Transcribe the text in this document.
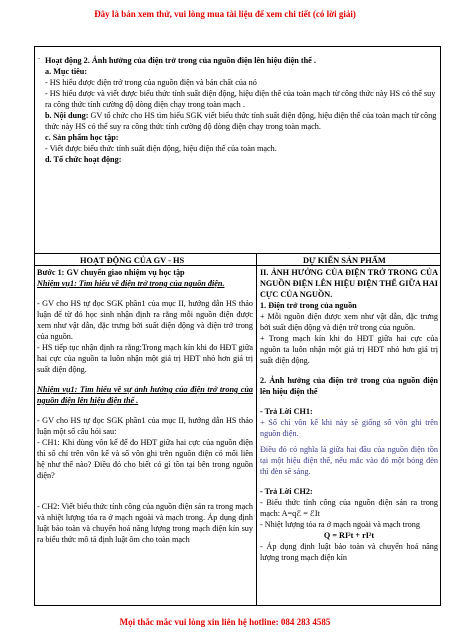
Đây là bản xem thử, vui lòng mua tài liệu để xem chi tiết (có lời giải)
. Hoạt động 2. Ảnh hưởng của điện trở trong của nguồn điện lên hiệu điện thế .

a. Mục tiêu:

- HS hiểu được điện trở trong của nguồn điện và bản chất của nó

- HS hiểu được và viết được biểu thức tính suất điện động, hiệu điện thế của toàn mạch từ công thức này HS có thể suy ra công thức tính cường độ dòng điện chạy trong toàn mạch .

b. Nội dung: GV tổ chức cho HS tìm hiểu SGK viết biểu thức tính suất điện động, hiệu điện thế của toàn mạch từ công thức này HS có thể suy ra công thức tính cường độ dòng điện chạy trong toàn mạch.

c. Sản phẩm học tập:

- Viết được biểu thức tính suất điện động, hiệu điện thế của toàn mạch.

d. Tổ chức hoạt động:

HOẠT ĐỘNG CỦA GV - HS	DỰ KIẾN SẢN PHẨM

Bước 1: GV chuyển giao nhiệm vụ học tập

Nhiệm vụ1: Tìm hiểu về điện trở trong của nguồn điện.

- GV cho HS tự đọc SGK phần1 của mục II, hướng dẫn HS thảo luận để từ đó học sinh nhận định ra rằng mỗi nguồn điện được xem như vật dẫn, đặc trưng bởi suất điện động và điện trở trong của nguồn.

- HS tiếp tục nhận định ra rằng:Trong mạch kín khi đo HĐT giữa hai cực của nguồn ta luôn nhận một giá trị HĐT nhỏ hơn giá trị suất điện động.

Nhiệm vụ1: Tìm hiểu về sự ảnh hưởng của điện trở trong của nguồn điện lên hiệu điện thế .

- GV cho HS tự đọc SGK phần1 của mục II, hướng dẫn HS thảo luận một số câu hỏi sau:

- CH1: Khi dùng vôn kế để đo HĐT giữa hai cực của nguồn điện thì số chỉ trên vôn kế và số vôn ghi trên nguồn điện có mối liên hệ như thế nào? Điều đó cho biết có gì tồn tại bên trong nguồn điện?

- CH2: Viết biểu thức tính công của nguồn điện sản ra trong mạch và nhiệt lượng tỏa ra ở mạch ngoài và mạch trong. Áp dụng định luật bảo toàn và chuyển hoá năng lượng trong mạch điện kín suy ra biểu thức mô tả định luật ôm cho toàn mạch

II. ẢNH HƯỞNG CỦA ĐIỆN TRỞ TRONG CỦA NGUỒN ĐIỆN LÊN HIỆU ĐIỆN THẾ GIỮA HAI CỰC CỦA NGUỒN.

1. Điện trở trong của nguồn

+ Mỗi nguồn điện được xem như vật dẫn, đặc trưng bởi suất điện động và điện trở trong của nguồn.

+ Trong mạch kín khi đo HĐT giữa hai cực của nguồn ta luôn nhận một giá trị HĐT nhỏ hơn giá trị suất điện động.

2. Ảnh hưởng của điện trở trong của nguồn điện lên hiệu điện thế

- Trả Lời CH1:

+ Số chỉ vôn kế khi này sẽ giống số vôn ghi trên nguồn điện.

Điều đó có nghĩa là giữa hai đầu của nguồn điện tồn tại một hiệu điện thế, nếu mắc vào đó một bóng đèn thì đèn sẽ sáng.

- Trả Lời CH2:

- Biểu thức tính công của nguồn điện sản ra trong mạch: A=qℰ = ℰIt

- Nhiệt lượng tỏa ra ở mạch ngoài và mạch trong

Q = RI²t + rI²t

- Áp dụng định luật bảo toàn và chuyển hoá năng lượng trong mạch điện kín

Mọi thắc mắc vui lòng xin liên hệ hotline: 084 283 4585
